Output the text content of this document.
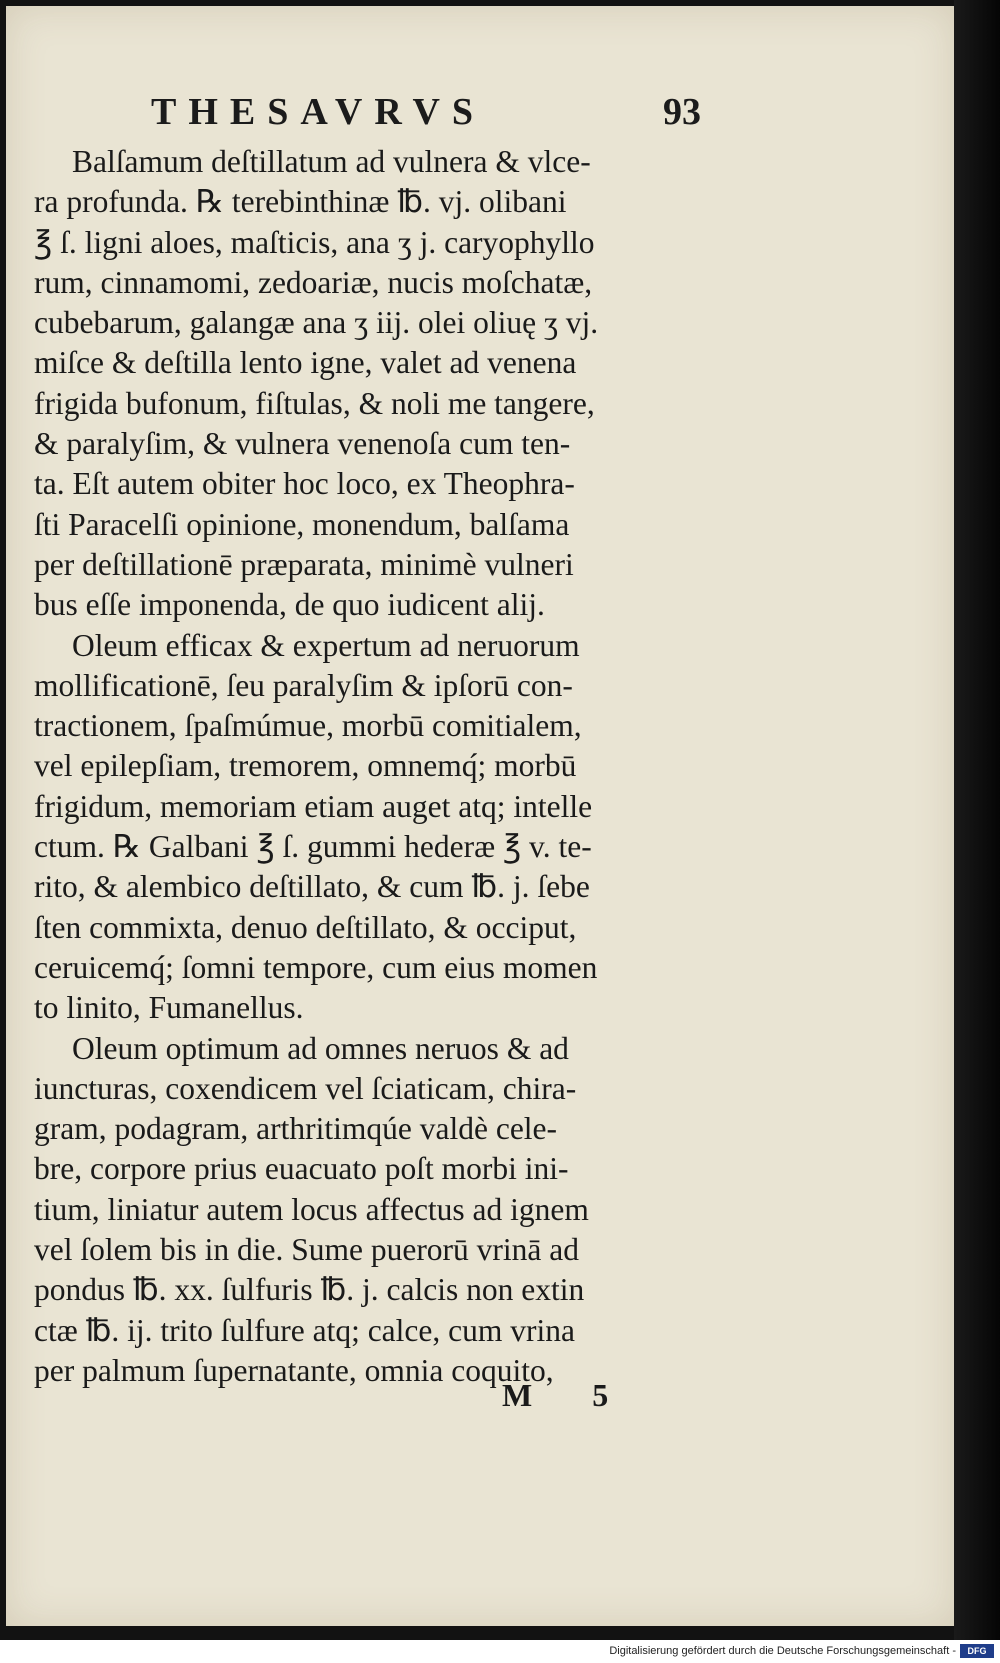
THESAVRVS	93
Balſamum deſtillatum ad vulnera & vlce-
ra profunda. ℞ terebinthinæ ℔. vj. olibani
℥ ſ. ligni aloes, maſticis, ana ʒ j. caryophyllo
rum, cinnamomi, zedoariæ, nucis moſchatæ,
cubebarum, galangæ ana ʒ iij. olei oliuę ʒ vj.
miſce & deſtilla lento igne, valet ad venena
frigida bufonum, fiſtulas, & noli me tangere,
& paralyſim, & vulnera venenoſa cum ten-
ta. Eſt autem obiter hoc loco, ex Theophra-
ſti Paracelſi opinione, monendum, balſama
per deſtillationē præparata, minimè vulneri
bus eſſe imponenda, de quo iudicent alij.
Oleum efficax & expertum ad neruorum
mollificationē, ſeu paralyſim & ipſorū con-
tractionem, ſpaſmúmue, morbū comitialem,
vel epilepſiam, tremorem, omnemq́; morbū
frigidum, memoriam etiam auget atq; intelle
ctum. ℞ Galbani ℥ ſ. gummi hederæ ℥ v. te-
rito, & alembico deſtillato, & cum ℔. j. ſebe
ſten commixta, denuo deſtillato, & occiput,
ceruicemq́; ſomni tempore, cum eius momen
to linito, Fumanellus.
Oleum optimum ad omnes neruos & ad
iuncturas, coxendicem vel ſciaticam, chira-
gram, podagram, arthritimqúe valdè cele-
bre, corpore prius euacuato poſt morbi ini-
tium, liniatur autem locus affectus ad ignem
vel ſolem bis in die. Sume puerorū vrinā ad
pondus ℔. xx. ſulfuris ℔. j. calcis non extin
ctæ ℔. ij. trito ſulfure atq; calce, cum vrina
per palmum ſupernatante, omnia coquito,
M 5
Digitalisierung gefördert durch die Deutsche Forschungsgemeinschaft -	DFG
